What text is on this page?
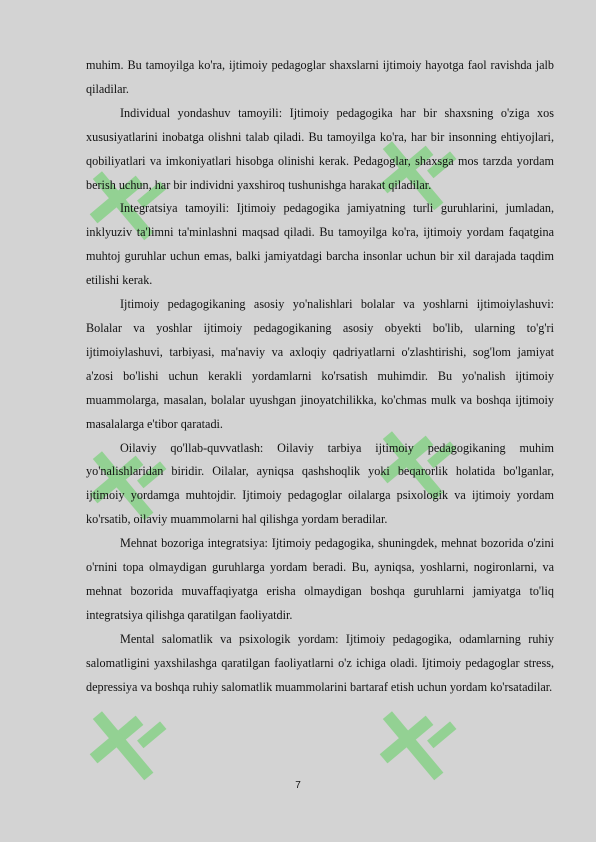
muhim. Bu tamoyilga ko'ra, ijtimoiy pedagoglar shaxslarni ijtimoiy hayotga faol ravishda jalb qiladilar.

Individual yondashuv tamoyili: Ijtimoiy pedagogika har bir shaxsning o'ziga xos xususiyatlarini inobatga olishni talab qiladi. Bu tamoyilga ko'ra, har bir insonning ehtiyojlari, qobiliyatlari va imkoniyatlari hisobga olinishi kerak. Pedagoglar, shaxsga mos tarzda yordam berish uchun, har bir individni yaxshiroq tushunishga harakat qiladilar.

Integratsiya tamoyili: Ijtimoiy pedagogika jamiyatning turli guruhlarini, jumladan, inklyuziv ta'limni ta'minlashni maqsad qiladi. Bu tamoyilga ko'ra, ijtimoiy yordam faqatgina muhtoj guruhlar uchun emas, balki jamiyatdagi barcha insonlar uchun bir xil darajada taqdim etilishi kerak.

Ijtimoiy pedagogikaning asosiy yo'nalishlari bolalar va yoshlarni ijtimoiylashuvi: Bolalar va yoshlar ijtimoiy pedagogikaning asosiy obyekti bo'lib, ularning to'g'ri ijtimoiylashuvi, tarbiyasi, ma'naviy va axloqiy qadriyatlarni o'zlashtirishi, sog'lom jamiyat a'zosi bo'lishi uchun kerakli yordamlarni ko'rsatish muhimdir. Bu yo'nalish ijtimoiy muammolarga, masalan, bolalar uyushgan jinoyatchilikka, ko'chmas mulk va boshqa ijtimoiy masalalarga e'tibor qaratadi.

Oilaviy qo'llab-quvvatlash: Oilaviy tarbiya ijtimoiy pedagogikaning muhim yo'nalishlaridan biridir. Oilalar, ayniqsa qashshoqlik yoki beqarorlik holatida bo'lganlar, ijtimoiy yordamga muhtojdir. Ijtimoiy pedagoglar oilalarga psixologik va ijtimoiy yordam ko'rsatib, oilaviy muammolarni hal qilishga yordam beradilar.

Mehnat bozoriga integratsiya: Ijtimoiy pedagogika, shuningdek, mehnat bozorida o'zini o'rnini topa olmaydigan guruhlarga yordam beradi. Bu, ayniqsa, yoshlarni, nogironlarni, va mehnat bozorida muvaffaqiyatga erisha olmaydigan boshqa guruhlarni jamiyatga to'liq integratsiya qilishga qaratilgan faoliyatdir.

Mental salomatlik va psixologik yordam: Ijtimoiy pedagogika, odamlarning ruhiy salomatligini yaxshilashga qaratilgan faoliyatlarni o'z ichiga oladi. Ijtimoiy pedagoglar stress, depressiya va boshqa ruhiy salomatlik muammolarini bartaraf etish uchun yordam ko'rsatadilar.

7
